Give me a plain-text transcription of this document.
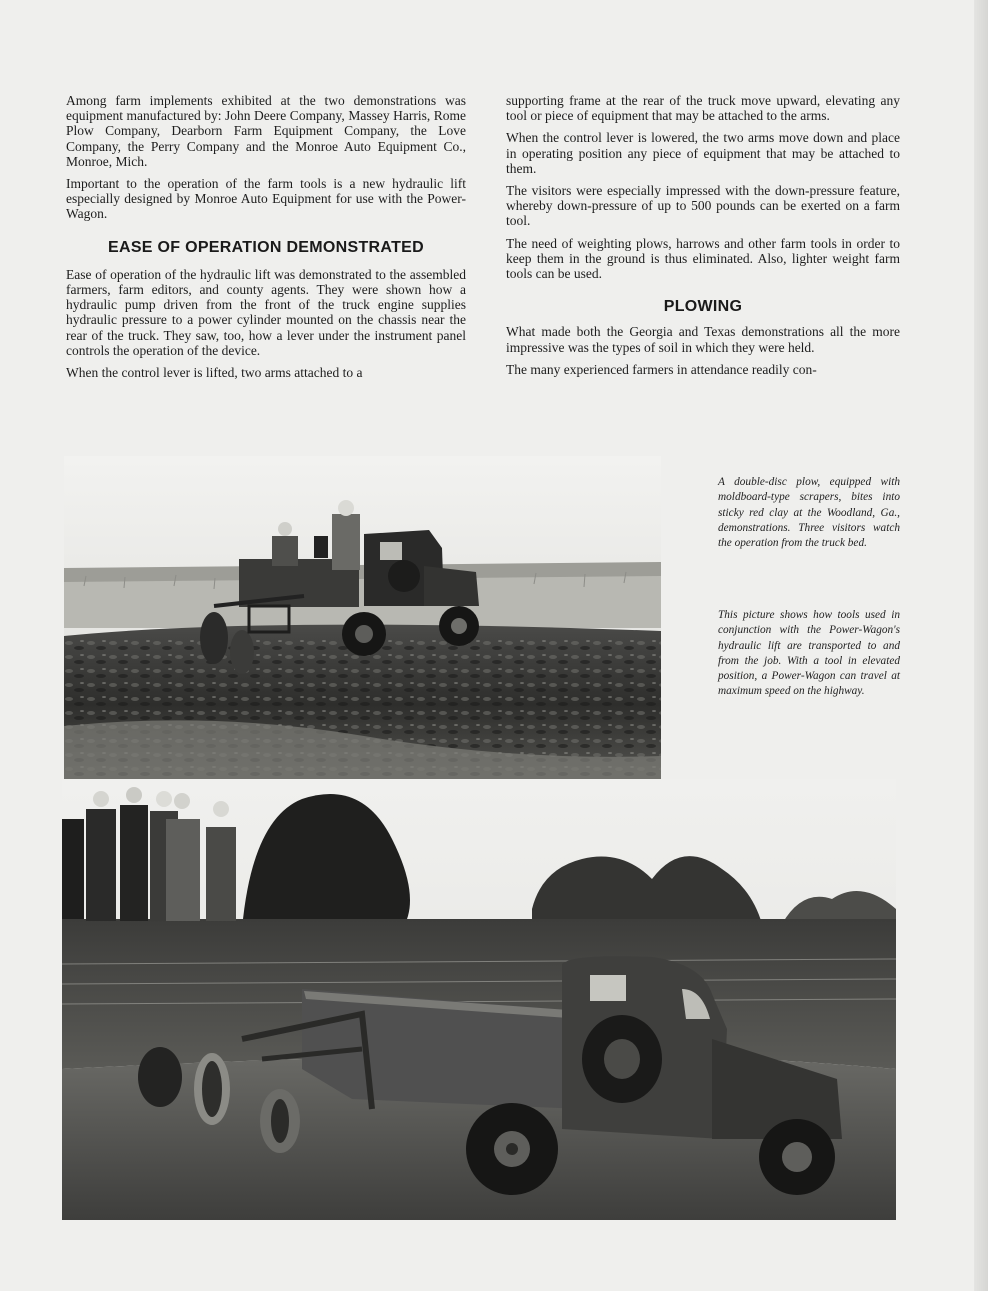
Among farm implements exhibited at the two demonstrations was equipment manufactured by: John Deere Company, Massey Harris, Rome Plow Company, Dearborn Farm Equipment Company, the Love Company, the Perry Company and the Monroe Auto Equipment Co., Monroe, Mich.

Important to the operation of the farm tools is a new hydraulic lift especially designed by Monroe Auto Equipment for use with the Power-Wagon.

EASE OF OPERATION DEMONSTRATED

Ease of operation of the hydraulic lift was demonstrated to the assembled farmers, farm editors, and county agents. They were shown how a hydraulic pump driven from the front of the truck engine supplies hydraulic pressure to a power cylinder mounted on the chassis near the rear of the truck. They saw, too, how a lever under the instrument panel controls the operation of the device.

When the control lever is lifted, two arms attached to a

supporting frame at the rear of the truck move upward, elevating any tool or piece of equipment that may be attached to the arms.

When the control lever is lowered, the two arms move down and place in operating position any piece of equipment that may be attached to them.

The visitors were especially impressed with the down-pressure feature, whereby down-pressure of up to 500 pounds can be exerted on a farm tool.

The need of weighting plows, harrows and other farm tools in order to keep them in the ground is thus eliminated. Also, lighter weight farm tools can be used.

PLOWING

What made both the Georgia and Texas demonstrations all the more impressive was the types of soil in which they were held.

The many experienced farmers in attendance readily con-

A double-disc plow, equipped with moldboard-type scrapers, bites into sticky red clay at the Woodland, Ga., demonstrations. Three visitors watch the operation from the truck bed.
This picture shows how tools used in conjunction with the Power-Wagon's hydraulic lift are transported to and from the job. With a tool in elevated position, a Power-Wagon can travel at maximum speed on the highway.
